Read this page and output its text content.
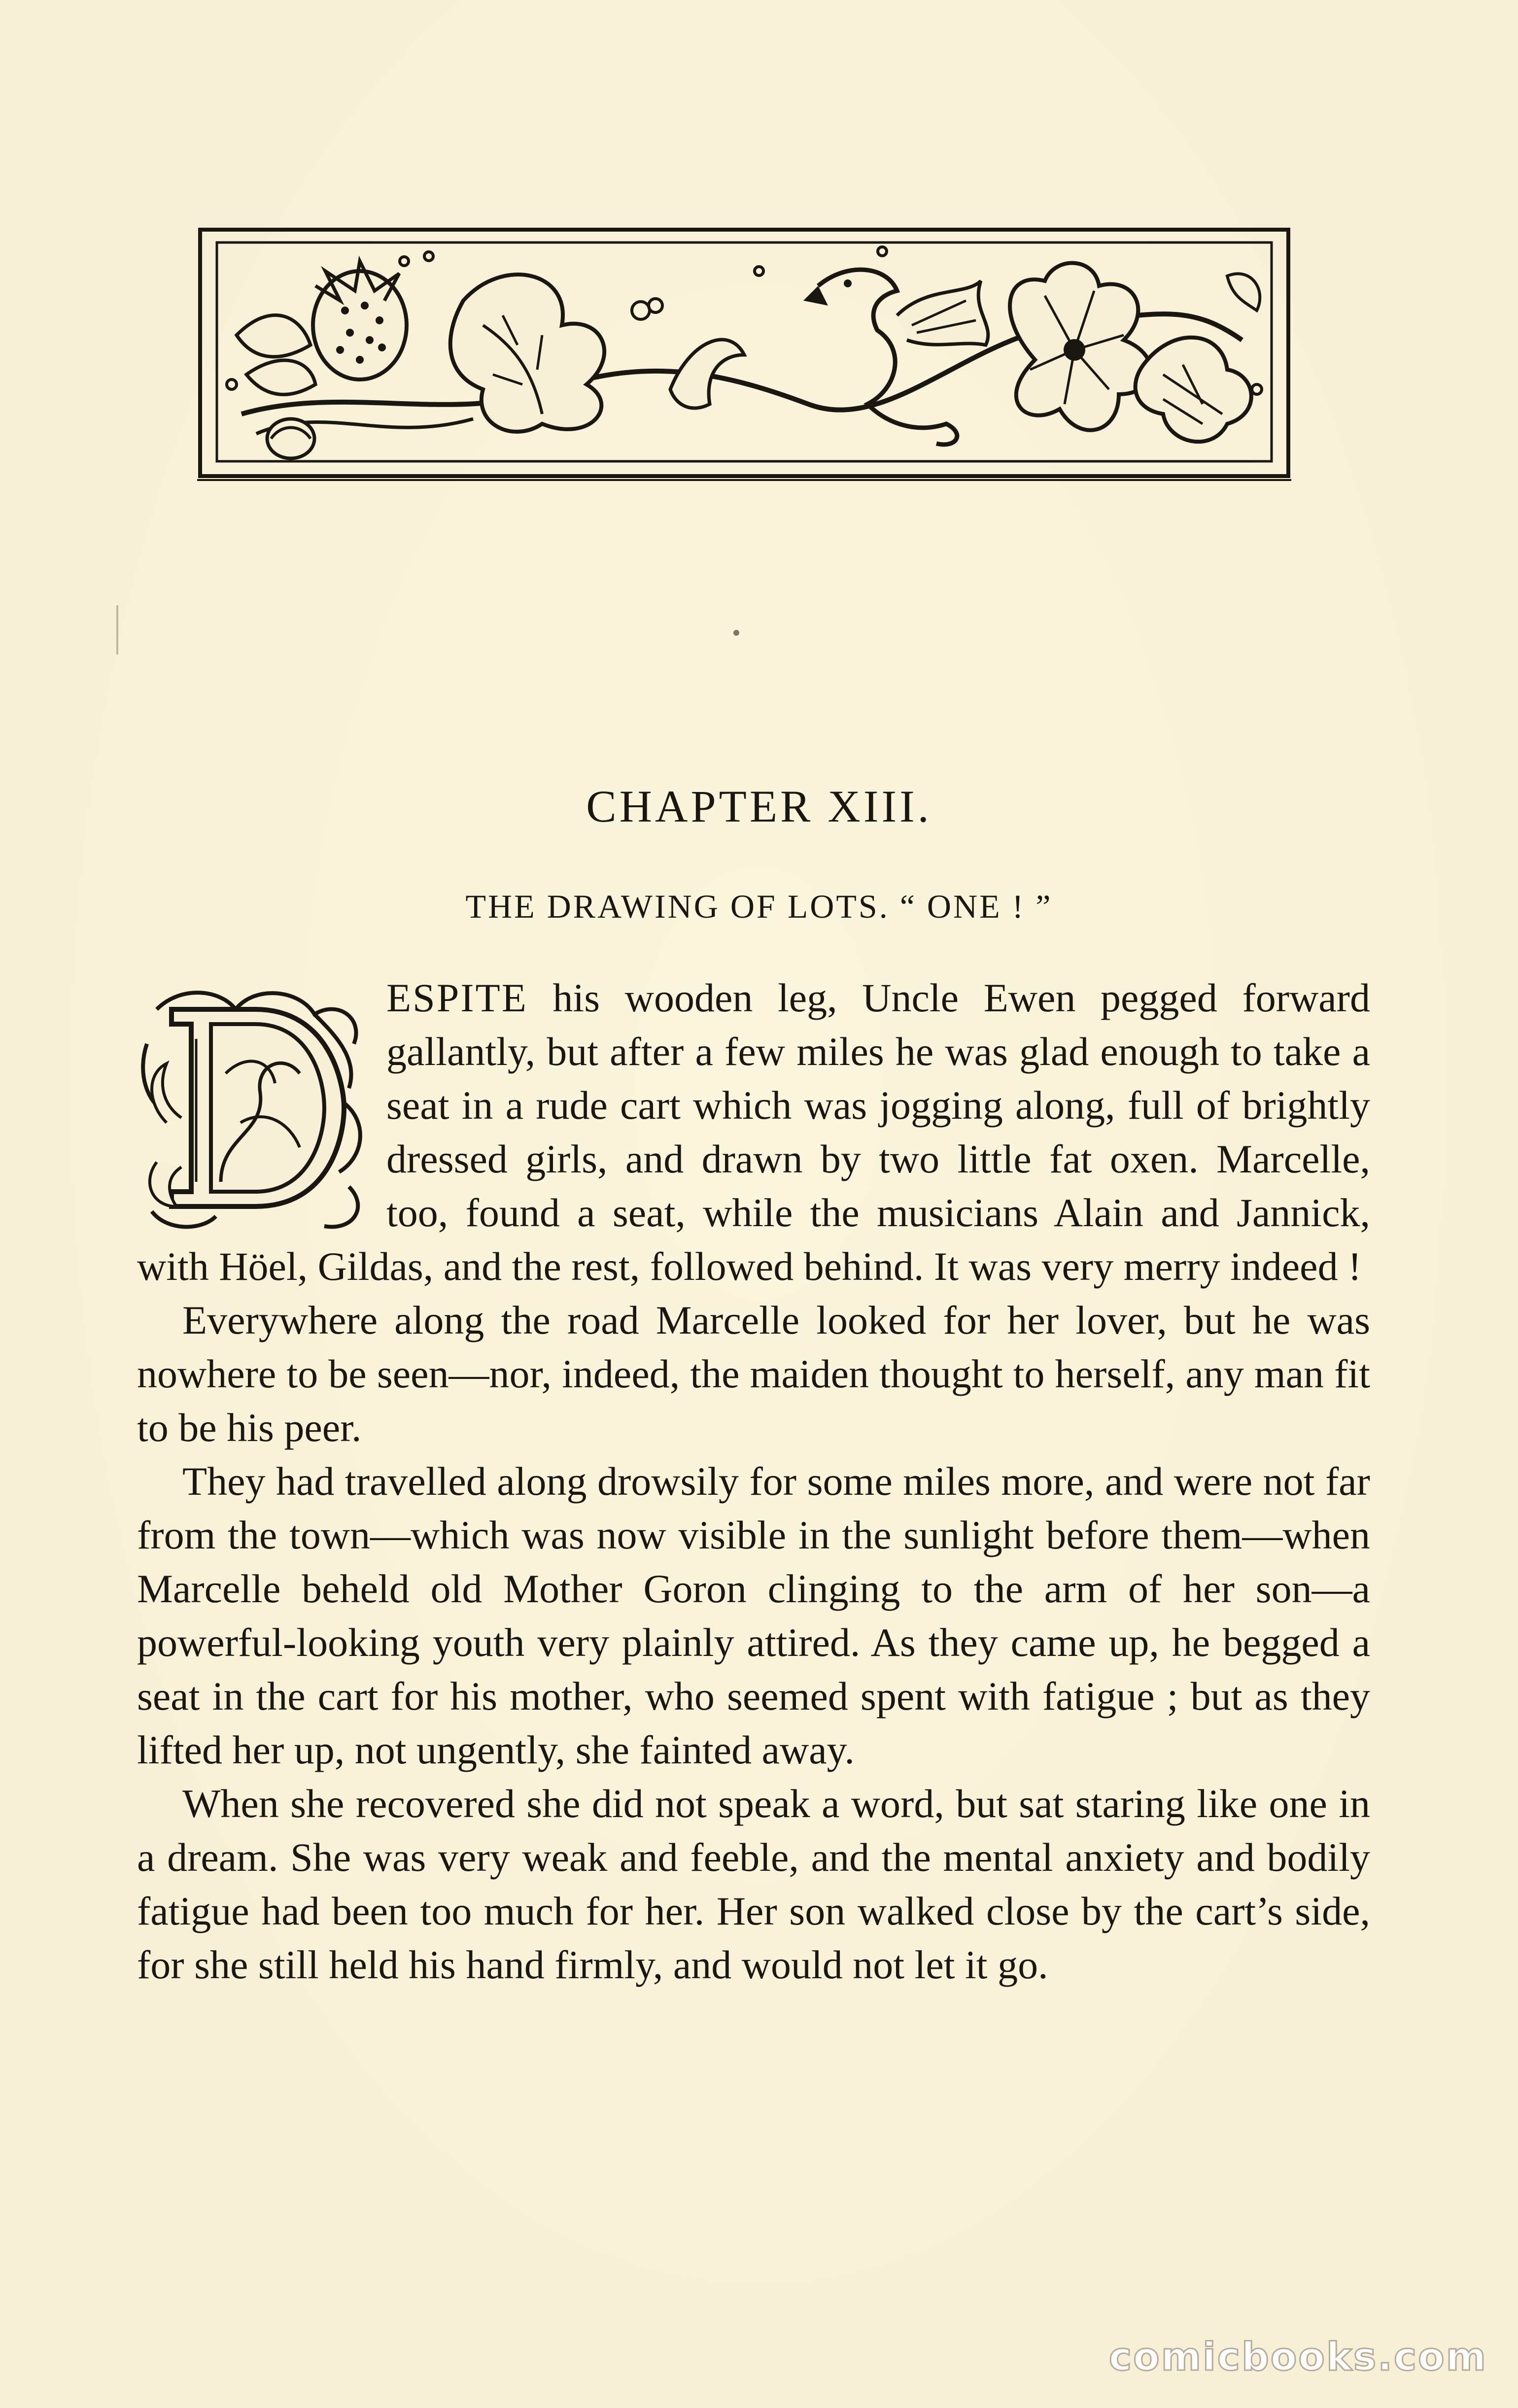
CHAPTER XIII.
THE DRAWING OF LOTS. “ ONE ! ”

ESPITE his wooden leg, Uncle Ewen pegged forward gallantly, but after a few miles he was glad enough to take a seat in a rude cart which was jogging along, full of brightly dressed girls, and drawn by two little fat oxen. Marcelle, too, found a seat, while the musicians Alain and Jannick, with Höel, Gildas, and the rest, followed behind. It was very merry indeed !

Everywhere along the road Marcelle looked for her lover, but he was nowhere to be seen—nor, indeed, the maiden thought to herself, any man fit to be his peer.

They had travelled along drowsily for some miles more, and were not far from the town—which was now visible in the sunlight before them—when Marcelle beheld old Mother Goron clinging to the arm of her son—a powerful-looking youth very plainly attired. As they came up, he begged a seat in the cart for his mother, who seemed spent with fatigue ; but as they lifted her up, not ungently, she fainted away.

When she recovered she did not speak a word, but sat staring like one in a dream. She was very weak and feeble, and the mental anxiety and bodily fatigue had been too much for her. Her son walked close by the cart’s side, for she still held his hand firmly, and would not let it go.

comicbooks.com
